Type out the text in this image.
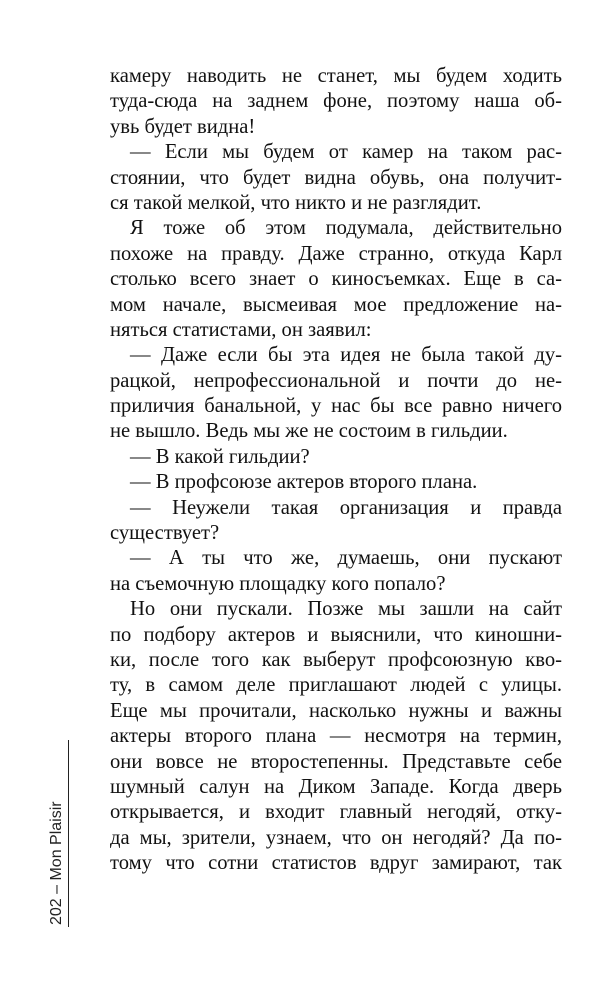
камеру наводить не станет, мы будем ходить
туда-сюда на заднем фоне, поэтому наша об-
увь будет видна!
— Если мы будем от камер на таком рас-
стоянии, что будет видна обувь, она получит-
ся такой мелкой, что никто и не разглядит.
Я тоже об этом подумала, действительно
похоже на правду. Даже странно, откуда Карл
столько всего знает о киносъемках. Еще в са-
мом начале, высмеивая мое предложение на-
няться статистами, он заявил:
— Даже если бы эта идея не была такой ду-
рацкой, непрофессиональной и почти до не-
приличия банальной, у нас бы все равно ничего
не вышло. Ведь мы же не состоим в гильдии.
— В какой гильдии?
— В профсоюзе актеров второго плана.
— Неужели такая организация и правда
существует?
— А ты что же, думаешь, они пускают
на съемочную площадку кого попало?
Но они пускали. Позже мы зашли на сайт
по подбору актеров и выяснили, что киношни-
ки, после того как выберут профсоюзную кво-
ту, в самом деле приглашают людей с улицы.
Еще мы прочитали, насколько нужны и важны
актеры второго плана — несмотря на термин,
они вовсе не второстепенны. Представьте себе
шумный салун на Диком Западе. Когда дверь
открывается, и входит главный негодяй, отку-
да мы, зрители, узнаем, что он негодяй? Да по-
тому что сотни статистов вдруг замирают, так
202 – Mon Plaisir
